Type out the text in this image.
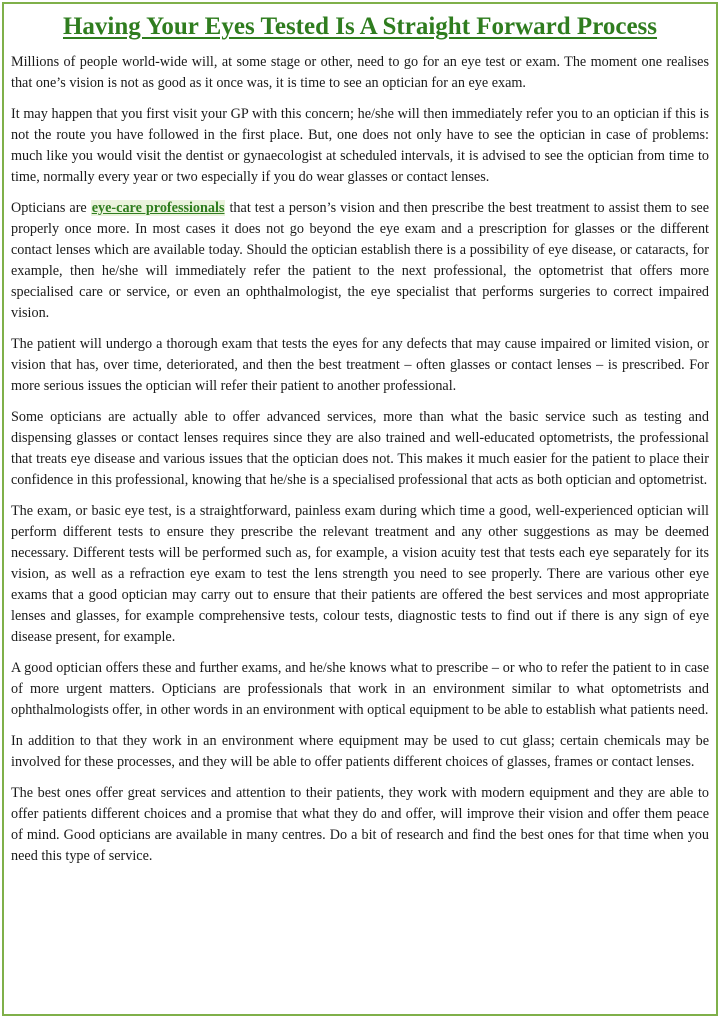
Having Your Eyes Tested Is A Straight Forward Process

Millions of people world-wide will, at some stage or other, need to go for an eye test or exam. The moment one realises that one’s vision is not as good as it once was, it is time to see an optician for an eye exam.

It may happen that you first visit your GP with this concern; he/she will then immediately refer you to an optician if this is not the route you have followed in the first place. But, one does not only have to see the optician in case of problems: much like you would visit the dentist or gynaecologist at scheduled intervals, it is advised to see the optician from time to time, normally every year or two especially if you do wear glasses or contact lenses.

Opticians are eye-care professionals that test a person’s vision and then prescribe the best treatment to assist them to see properly once more. In most cases it does not go beyond the eye exam and a prescription for glasses or the different contact lenses which are available today. Should the optician establish there is a possibility of eye disease, or cataracts, for example, then he/she will immediately refer the patient to the next professional, the optometrist that offers more specialised care or service, or even an ophthalmologist, the eye specialist that performs surgeries to correct impaired vision.

The patient will undergo a thorough exam that tests the eyes for any defects that may cause impaired or limited vision, or vision that has, over time, deteriorated, and then the best treatment – often glasses or contact lenses – is prescribed. For more serious issues the optician will refer their patient to another professional.

Some opticians are actually able to offer advanced services, more than what the basic service such as testing and dispensing glasses or contact lenses requires since they are also trained and well-educated optometrists, the professional that treats eye disease and various issues that the optician does not. This makes it much easier for the patient to place their confidence in this professional, knowing that he/she is a specialised professional that acts as both optician and optometrist.

The exam, or basic eye test, is a straightforward, painless exam during which time a good, well-experienced optician will perform different tests to ensure they prescribe the relevant treatment and any other suggestions as may be deemed necessary. Different tests will be performed such as, for example, a vision acuity test that tests each eye separately for its vision, as well as a refraction eye exam to test the lens strength you need to see properly. There are various other eye exams that a good optician may carry out to ensure that their patients are offered the best services and most appropriate lenses and glasses, for example comprehensive tests, colour tests, diagnostic tests to find out if there is any sign of eye disease present, for example.

A good optician offers these and further exams, and he/she knows what to prescribe – or who to refer the patient to in case of more urgent matters. Opticians are professionals that work in an environment similar to what optometrists and ophthalmologists offer, in other words in an environment with optical equipment to be able to establish what patients need.

In addition to that they work in an environment where equipment may be used to cut glass; certain chemicals may be involved for these processes, and they will be able to offer patients different choices of glasses, frames or contact lenses.

The best ones offer great services and attention to their patients, they work with modern equipment and they are able to offer patients different choices and a promise that what they do and offer, will improve their vision and offer them peace of mind. Good opticians are available in many centres. Do a bit of research and find the best ones for that time when you need this type of service.
